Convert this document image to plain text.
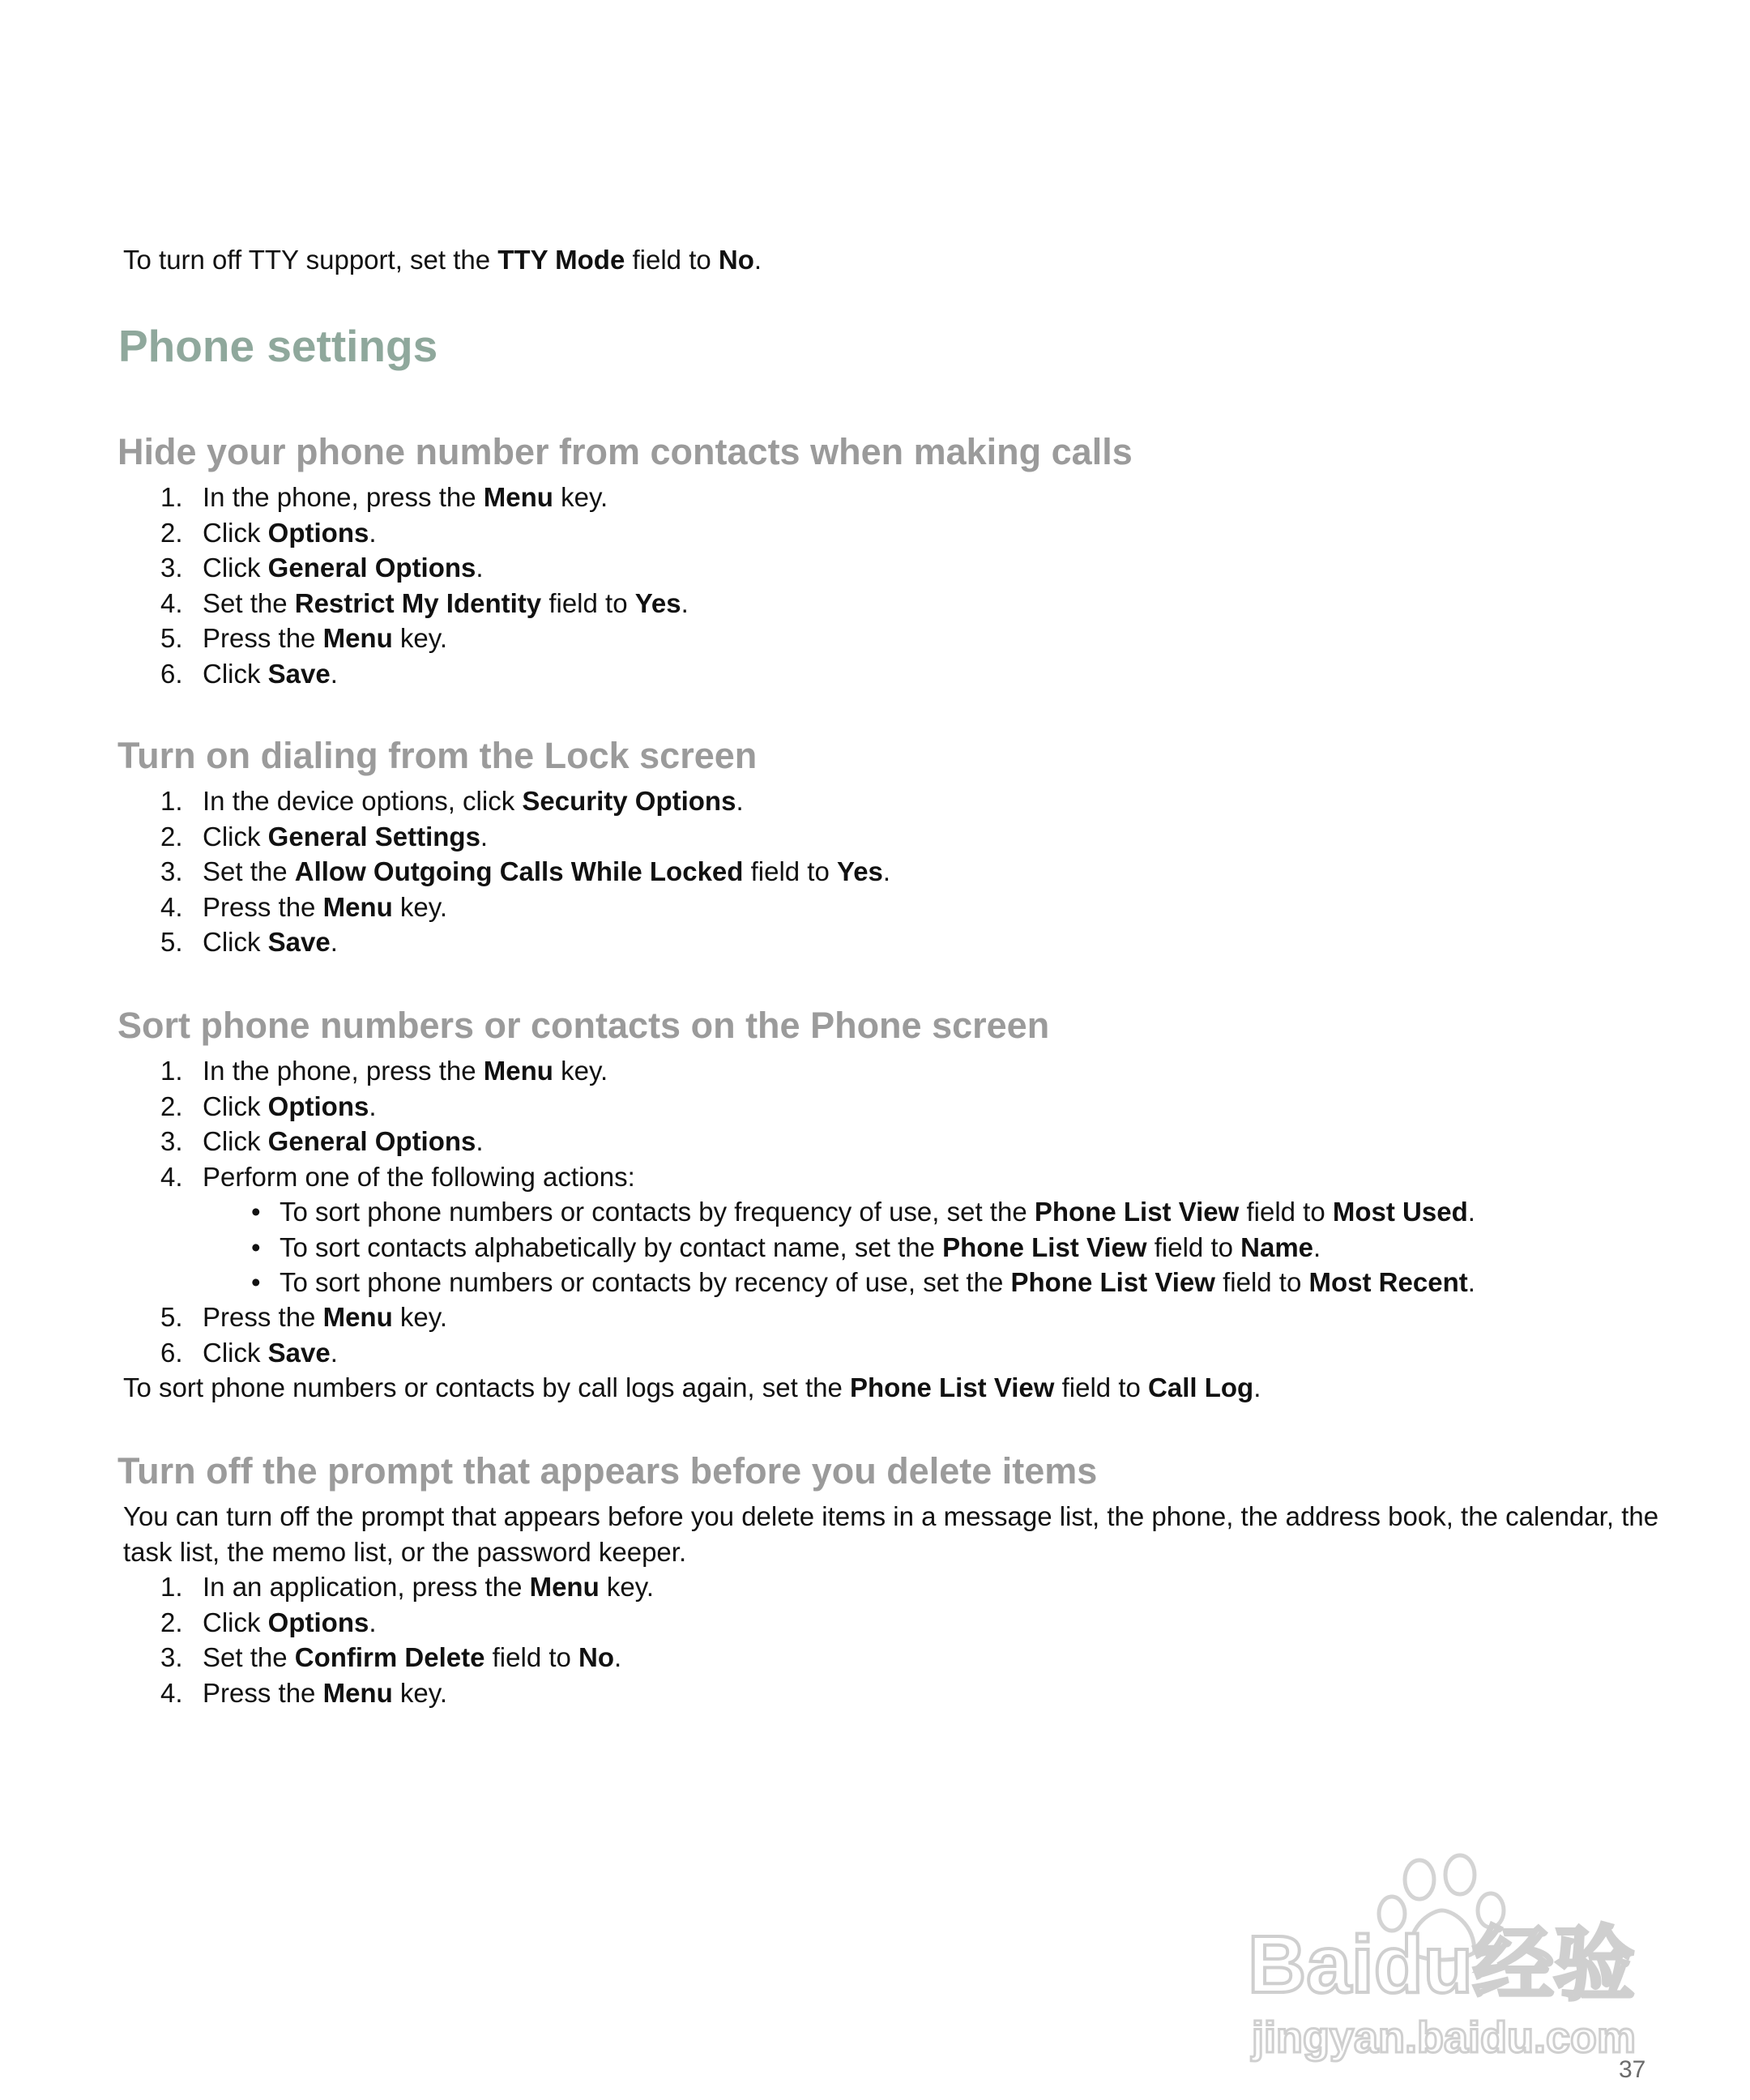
To turn off TTY support, set the TTY Mode field to No.
Phone settings
Hide your phone number from contacts when making calls
1. In the phone, press the Menu key.
2. Click Options.
3. Click General Options.
4. Set the Restrict My Identity field to Yes.
5. Press the Menu key.
6. Click Save.
Turn on dialing from the Lock screen
1. In the device options, click Security Options.
2. Click General Settings.
3. Set the Allow Outgoing Calls While Locked field to Yes.
4. Press the Menu key.
5. Click Save.
Sort phone numbers or contacts on the Phone screen
1. In the phone, press the Menu key.
2. Click Options.
3. Click General Options.
4. Perform one of the following actions:
• To sort phone numbers or contacts by frequency of use, set the Phone List View field to Most Used.
• To sort contacts alphabetically by contact name, set the Phone List View field to Name.
• To sort phone numbers or contacts by recency of use, set the Phone List View field to Most Recent.
5. Press the Menu key.
6. Click Save.
To sort phone numbers or contacts by call logs again, set the Phone List View field to Call Log.
Turn off the prompt that appears before you delete items
You can turn off the prompt that appears before you delete items in a message list, the phone, the address book, the calendar, the task list, the memo list, or the password keeper.
1. In an application, press the Menu key.
2. Click Options.
3. Set the Confirm Delete field to No.
4. Press the Menu key.
Baidu经验
jingyan.baidu.com
37
